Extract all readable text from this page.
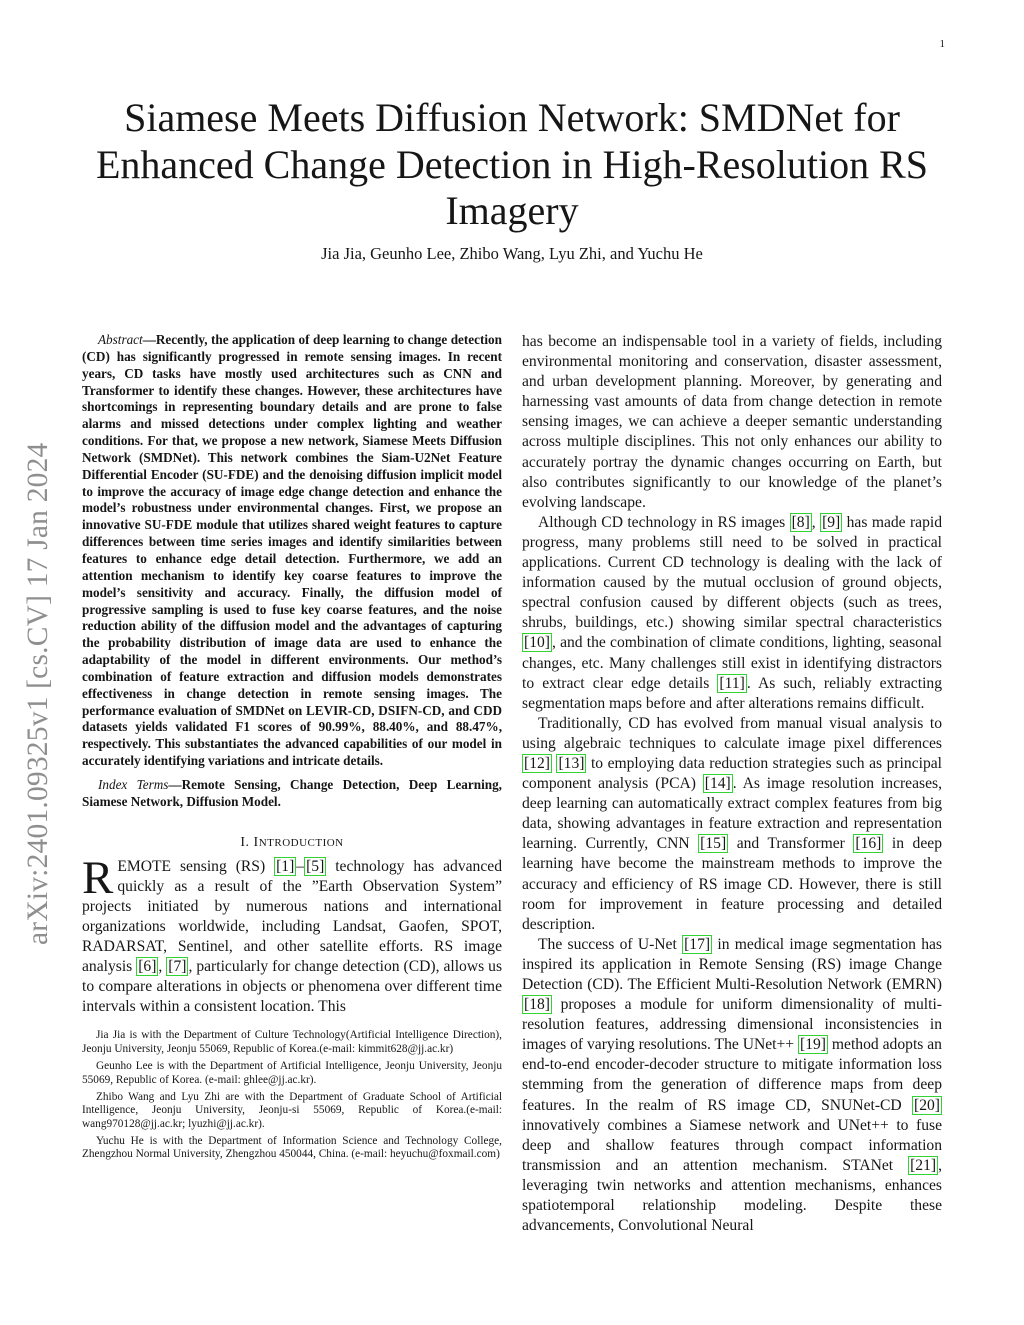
1
arXiv:2401.09325v1 [cs.CV] 17 Jan 2024
Siamese Meets Diffusion Network: SMDNet for Enhanced Change Detection in High-Resolution RS Imagery
Jia Jia, Geunho Lee, Zhibo Wang, Lyu Zhi, and Yuchu He

Abstract—Recently, the application of deep learning to change detection (CD) has significantly progressed in remote sensing images. In recent years, CD tasks have mostly used architectures such as CNN and Transformer to identify these changes. However, these architectures have shortcomings in representing boundary details and are prone to false alarms and missed detections under complex lighting and weather conditions. For that, we propose a new network, Siamese Meets Diffusion Network (SMDNet). This network combines the Siam-U2Net Feature Differential Encoder (SU-FDE) and the denoising diffusion implicit model to improve the accuracy of image edge change detection and enhance the model’s robustness under environmental changes. First, we propose an innovative SU-FDE module that utilizes shared weight features to capture differences between time series images and identify similarities between features to enhance edge detail detection. Furthermore, we add an attention mechanism to identify key coarse features to improve the model’s sensitivity and accuracy. Finally, the diffusion model of progressive sampling is used to fuse key coarse features, and the noise reduction ability of the diffusion model and the advantages of capturing the probability distribution of image data are used to enhance the adaptability of the model in different environments. Our method’s combination of feature extraction and diffusion models demonstrates effectiveness in change detection in remote sensing images. The performance evaluation of SMDNet on LEVIR-CD, DSIFN-CD, and CDD datasets yields validated F1 scores of 90.99%, 88.40%, and 88.47%, respectively. This substantiates the advanced capabilities of our model in accurately identifying variations and intricate details.

Index Terms—Remote Sensing, Change Detection, Deep Learning, Siamese Network, Diffusion Model.

I. INTRODUCTION

REMOTE sensing (RS) [1] – [5] technology has advanced quickly as a result of the ”Earth Observation System” projects initiated by numerous nations and international organizations worldwide, including Landsat, Gaofen, SPOT, RADARSAT, Sentinel, and other satellite efforts. RS image analysis [6] , [7] , particularly for change detection (CD), allows us to compare alterations in objects or phenomena over different time intervals within a consistent location. This

Jia Jia is with the Department of Culture Technology(Artificial Intelligence Direction), Jeonju University, Jeonju 55069, Republic of Korea.(e-mail: kimmit628@jj.ac.kr)

Geunho Lee is with the Department of Artificial Intelligence, Jeonju University, Jeonju 55069, Republic of Korea. (e-mail: ghlee@jj.ac.kr).

Zhibo Wang and Lyu Zhi are with the Department of Graduate School of Artificial Intelligence, Jeonju University, Jeonju-si 55069, Republic of Korea.(e-mail: wang970128@jj.ac.kr; lyuzhi@jj.ac.kr).

Yuchu He is with the Department of Information Science and Technology College, Zhengzhou Normal University, Zhengzhou 450044, China. (e-mail: heyuchu@foxmail.com)

has become an indispensable tool in a variety of fields, including environmental monitoring and conservation, disaster assessment, and urban development planning. Moreover, by generating and harnessing vast amounts of data from change detection in remote sensing images, we can achieve a deeper semantic understanding across multiple disciplines. This not only enhances our ability to accurately portray the dynamic changes occurring on Earth, but also contributes significantly to our knowledge of the planet’s evolving landscape.

Although CD technology in RS images [8] , [9] has made rapid progress, many problems still need to be solved in practical applications. Current CD technology is dealing with the lack of information caused by the mutual occlusion of ground objects, spectral confusion caused by different objects (such as trees, shrubs, buildings, etc.) showing similar spectral characteristics [10] , and the combination of climate conditions, lighting, seasonal changes, etc. Many challenges still exist in identifying distractors to extract clear edge details [11] . As such, reliably extracting segmentation maps before and after alterations remains difficult.

Traditionally, CD has evolved from manual visual analysis to using algebraic techniques to calculate image pixel differences [12] [13] to employing data reduction strategies such as principal component analysis (PCA) [14] . As image resolution increases, deep learning can automatically extract complex features from big data, showing advantages in feature extraction and representation learning. Currently, CNN [15] and Transformer [16] in deep learning have become the mainstream methods to improve the accuracy and efficiency of RS image CD. However, there is still room for improvement in feature processing and detailed description.

The success of U-Net [17] in medical image segmentation has inspired its application in Remote Sensing (RS) image Change Detection (CD). The Efficient Multi-Resolution Network (EMRN) [18] proposes a module for uniform dimensionality of multi-resolution features, addressing dimensional inconsistencies in images of varying resolutions. The UNet++ [19] method adopts an end-to-end encoder-decoder structure to mitigate information loss stemming from the generation of difference maps from deep features. In the realm of RS image CD, SNUNet-CD [20] innovatively combines a Siamese network and UNet++ to fuse deep and shallow features through compact information transmission and an attention mechanism. STANet [21] , leveraging twin networks and attention mechanisms, enhances spatiotemporal relationship modeling. Despite these advancements, Convolutional Neural
